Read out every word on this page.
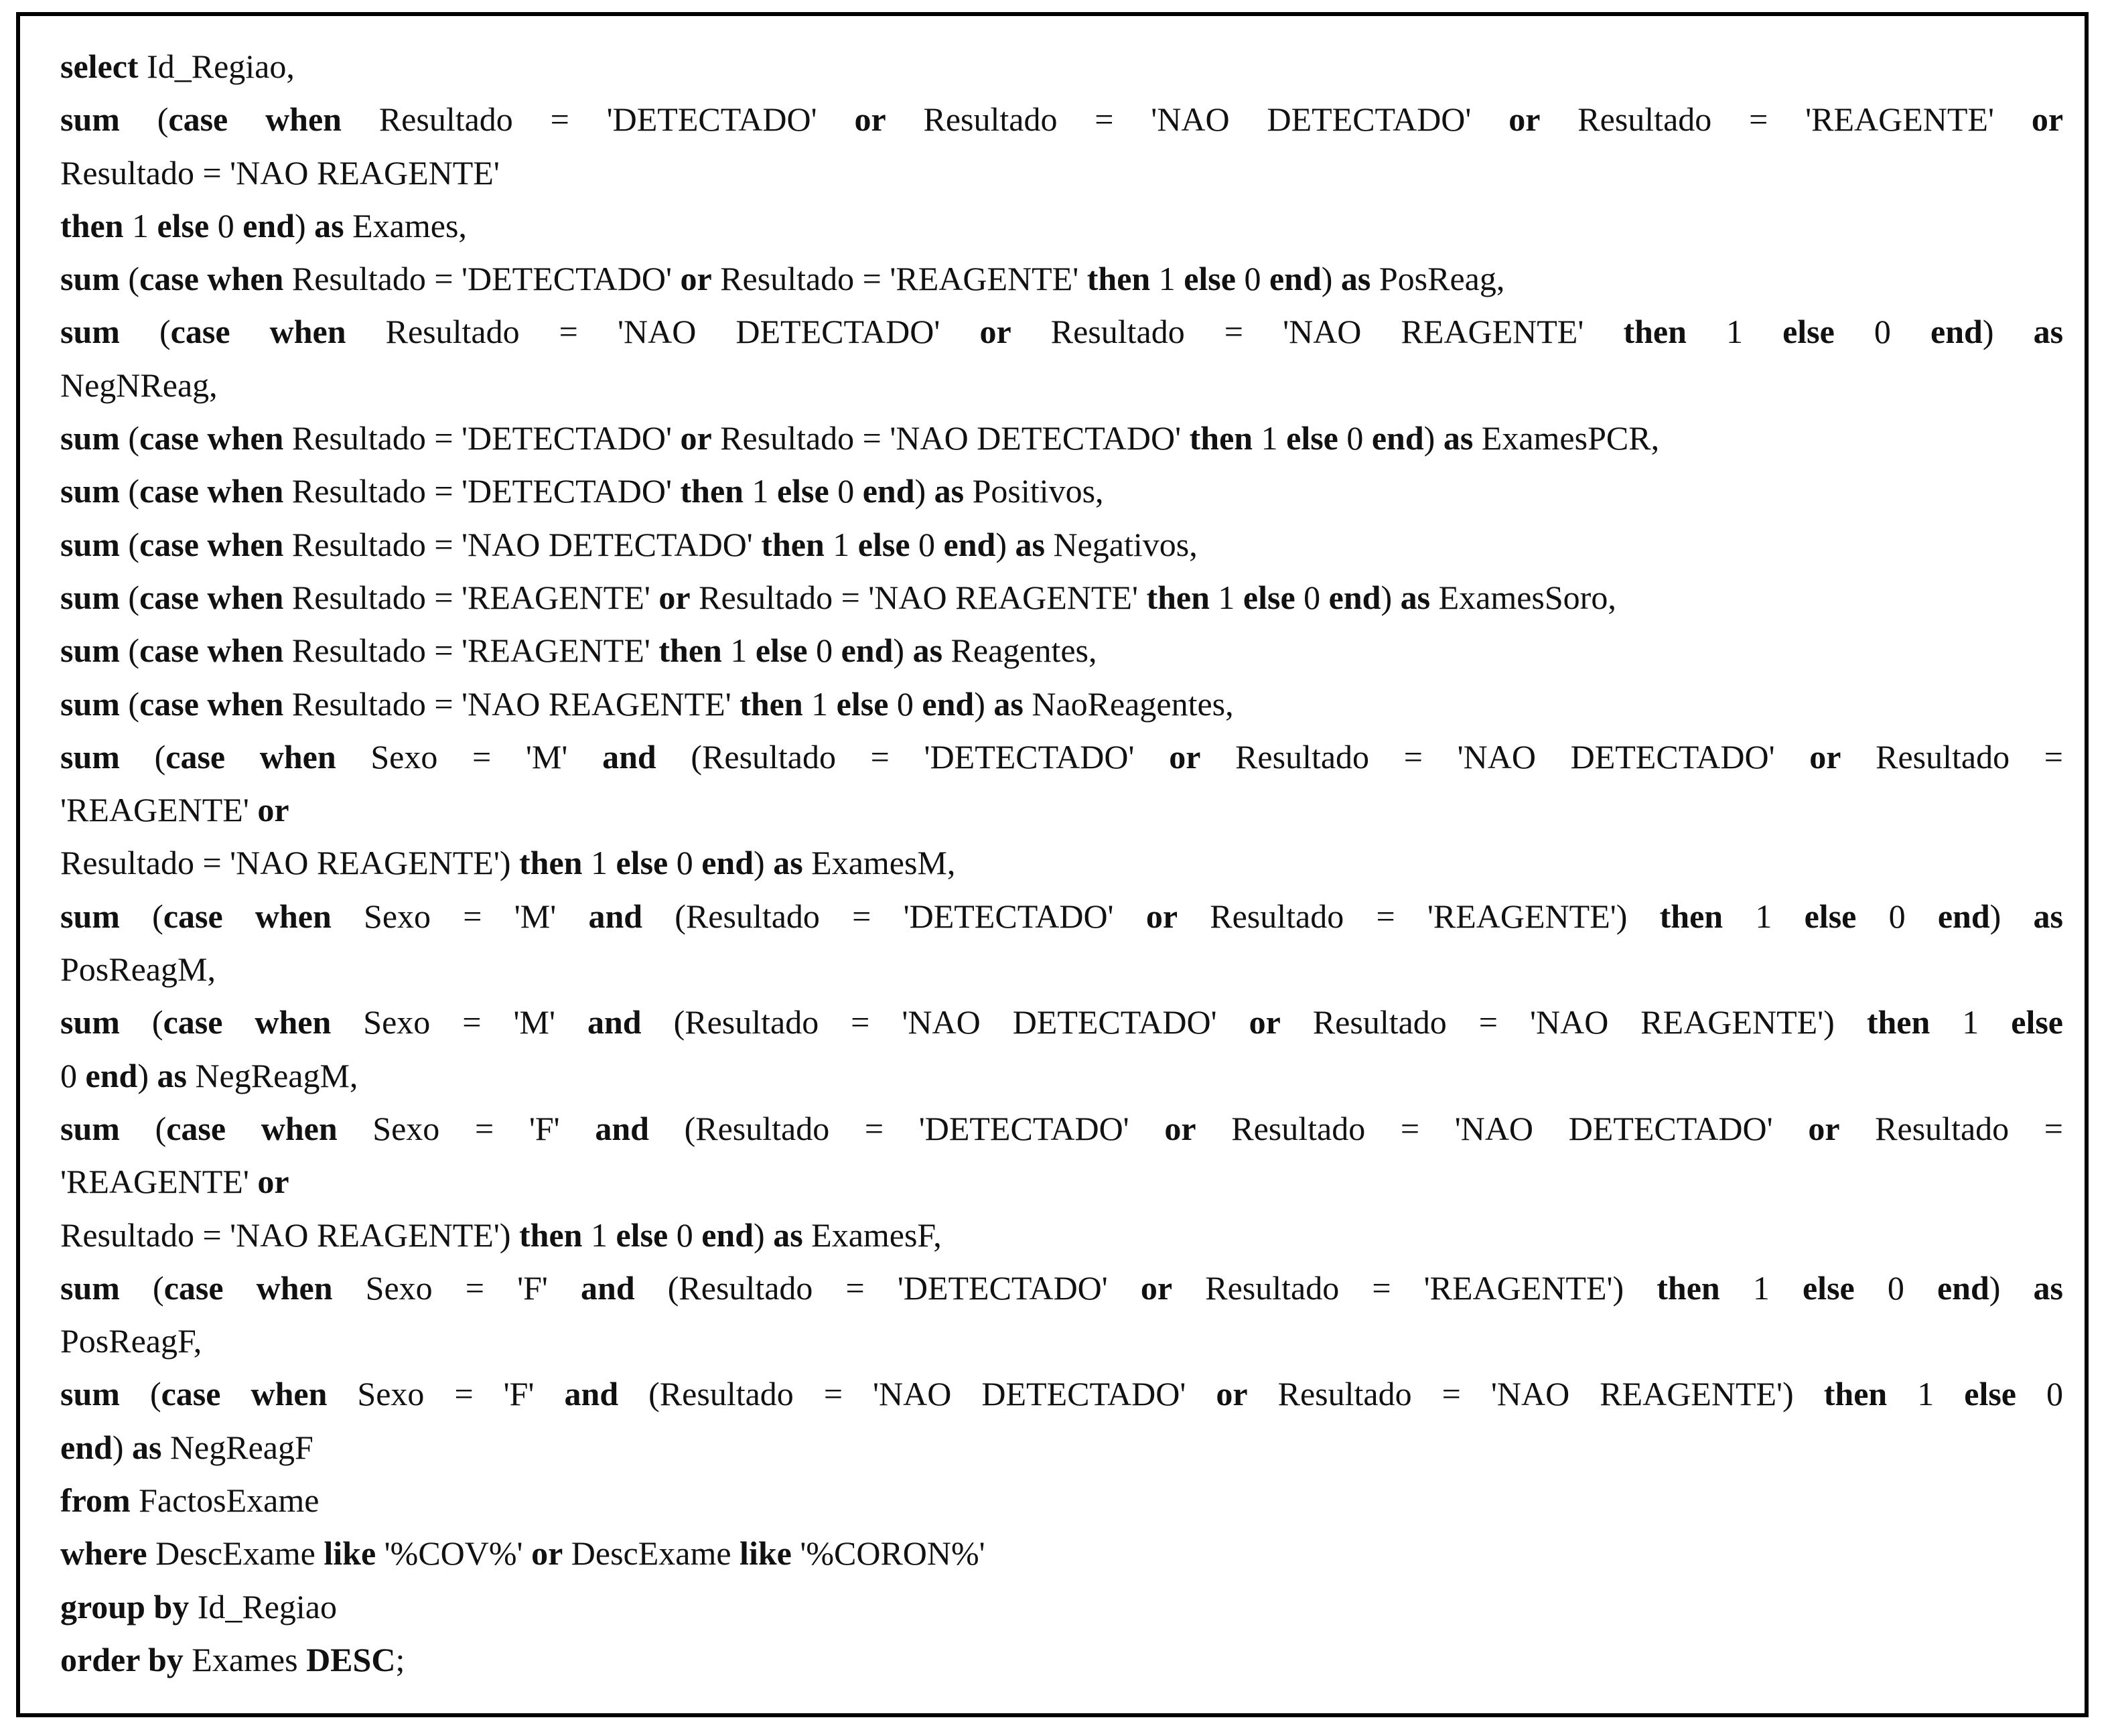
select Id_Regiao,
sum (case when Resultado = 'DETECTADO' or Resultado = 'NAO DETECTADO' or Resultado = 'REAGENTE' or
Resultado = 'NAO REAGENTE'
then 1 else 0 end) as Exames,
sum (case when Resultado = 'DETECTADO' or Resultado = 'REAGENTE' then 1 else 0 end) as PosReag,
sum (case when Resultado = 'NAO DETECTADO' or Resultado = 'NAO REAGENTE' then 1 else 0 end) as
NegNReag,
sum (case when Resultado = 'DETECTADO' or Resultado = 'NAO DETECTADO' then 1 else 0 end) as ExamesPCR,
sum (case when Resultado = 'DETECTADO' then 1 else 0 end) as Positivos,
sum (case when Resultado = 'NAO DETECTADO' then 1 else 0 end) as Negativos,
sum (case when Resultado = 'REAGENTE' or Resultado = 'NAO REAGENTE' then 1 else 0 end) as ExamesSoro,
sum (case when Resultado = 'REAGENTE' then 1 else 0 end) as Reagentes,
sum (case when Resultado = 'NAO REAGENTE' then 1 else 0 end) as NaoReagentes,
sum (case when Sexo = 'M' and (Resultado = 'DETECTADO' or Resultado = 'NAO DETECTADO' or Resultado =
'REAGENTE' or
Resultado = 'NAO REAGENTE') then 1 else 0 end) as ExamesM,
sum (case when Sexo = 'M' and (Resultado = 'DETECTADO' or Resultado = 'REAGENTE') then 1 else 0 end) as
PosReagM,
sum (case when Sexo = 'M' and (Resultado = 'NAO DETECTADO' or Resultado = 'NAO REAGENTE') then 1 else
0 end) as NegReagM,
sum (case when Sexo = 'F' and (Resultado = 'DETECTADO' or Resultado = 'NAO DETECTADO' or Resultado =
'REAGENTE' or
Resultado = 'NAO REAGENTE') then 1 else 0 end) as ExamesF,
sum (case when Sexo = 'F' and (Resultado = 'DETECTADO' or Resultado = 'REAGENTE') then 1 else 0 end) as
PosReagF,
sum (case when Sexo = 'F' and (Resultado = 'NAO DETECTADO' or Resultado = 'NAO REAGENTE') then 1 else 0
end) as NegReagF
from FactosExame
where DescExame like '%COV%' or DescExame like '%CORON%'
group by Id_Regiao
order by Exames DESC;
